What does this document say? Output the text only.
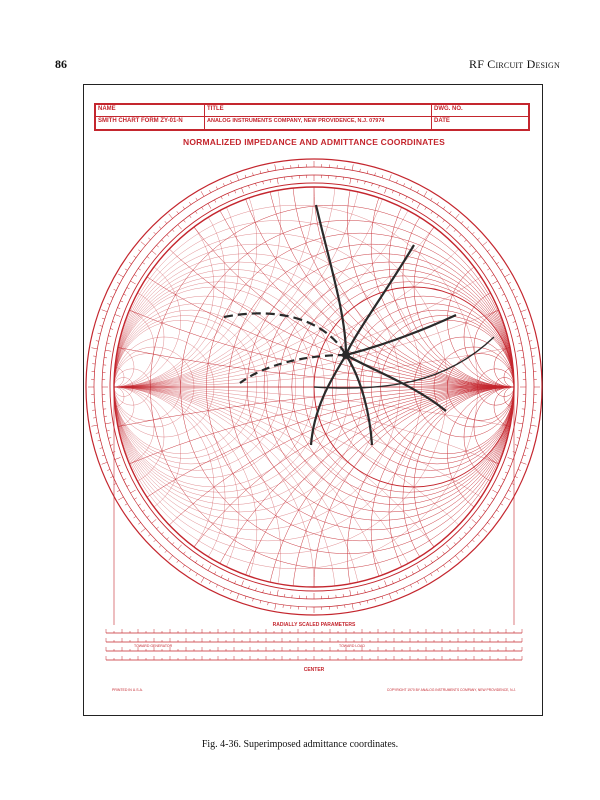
86	RF Circuit Design
NAME	TITLE	DWG. NO.
SMITH CHART FORM ZY-01-N	ANALOG INSTRUMENTS COMPANY, NEW PROVIDENCE, N.J. 07974	DATE
NORMALIZED IMPEDANCE AND ADMITTANCE COORDINATES
RADIALLY SCALED PARAMETERS
TOWARD GENERATOR	TOWARD LOAD
CENTER
PRINTED IN U.S.A.	COPYRIGHT 1970 BY ANALOG INSTRUMENTS COMPANY, NEW PROVIDENCE, N.J.
Fig. 4-36. Superimposed admittance coordinates.
